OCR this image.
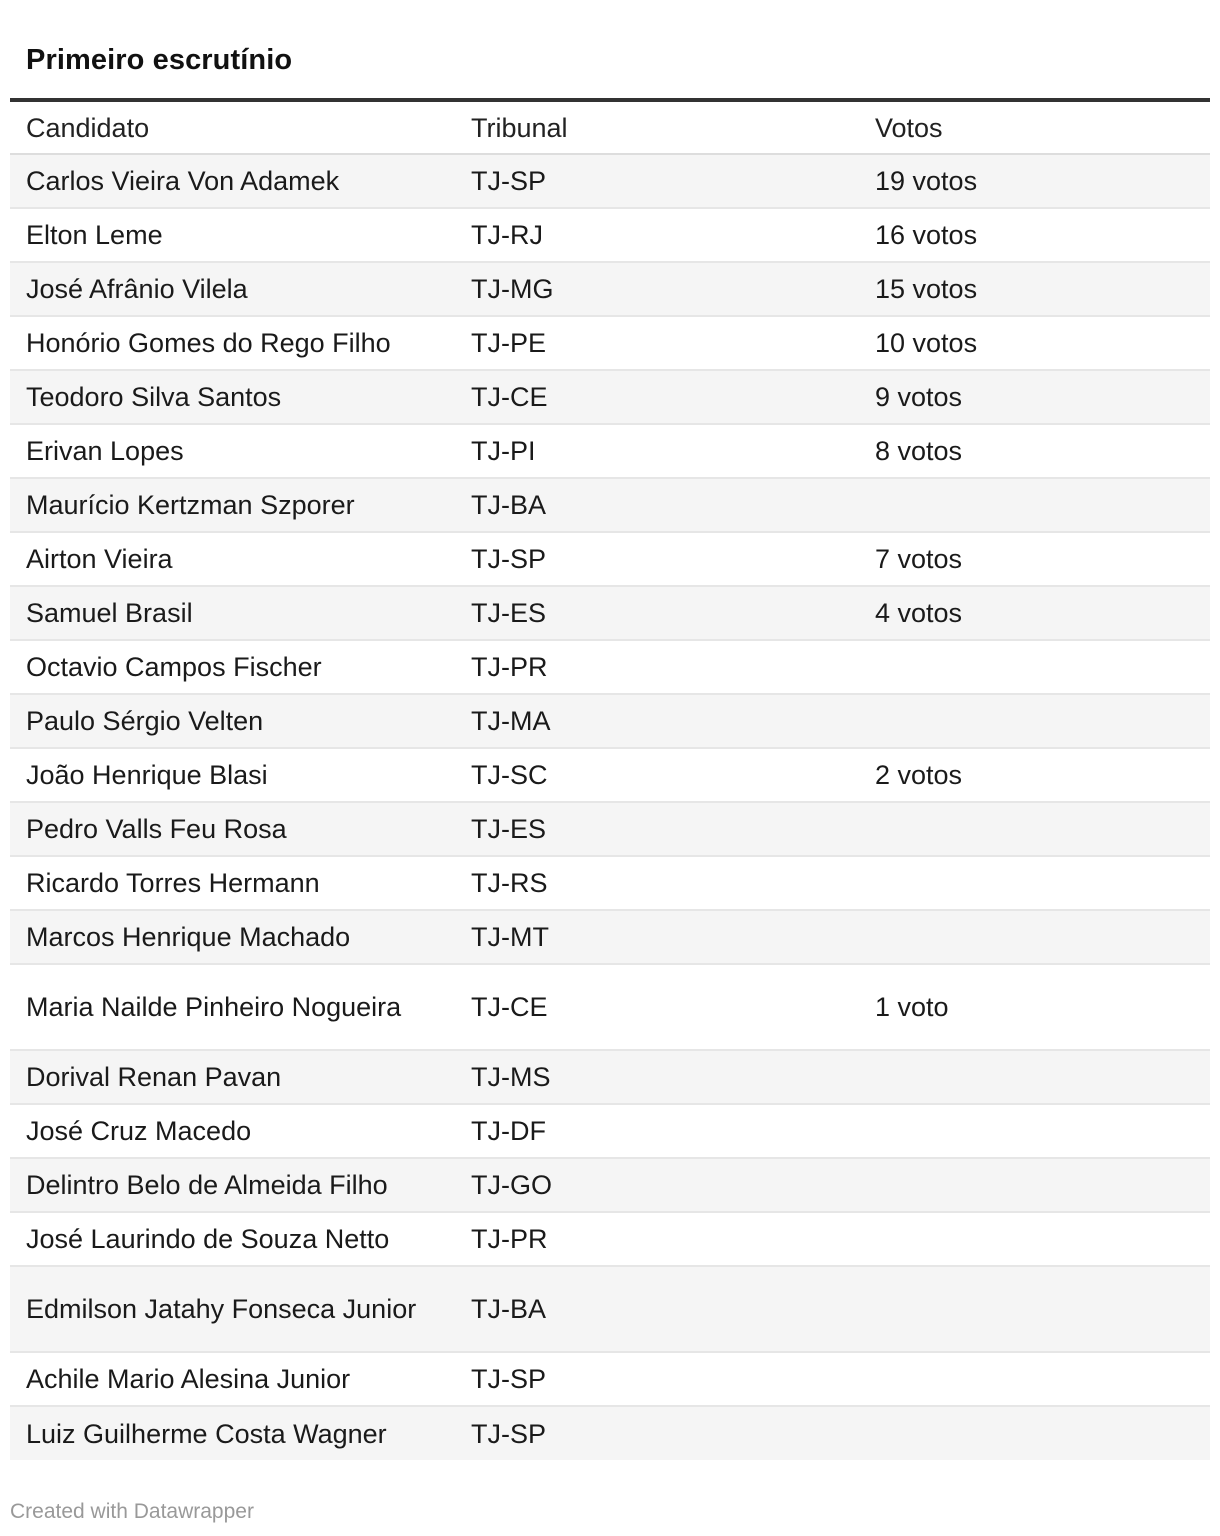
Primeiro escrutínio
Candidato	Tribunal	Votos
Carlos Vieira Von Adamek	TJ-SP	19 votos
Elton Leme	TJ-RJ	16 votos
José Afrânio Vilela	TJ-MG	15 votos
Honório Gomes do Rego Filho	TJ-PE	10 votos
Teodoro Silva Santos	TJ-CE	9 votos
Erivan Lopes	TJ-PI	8 votos
Maurício Kertzman Szporer	TJ-BA	
Airton Vieira	TJ-SP	7 votos
Samuel Brasil	TJ-ES	4 votos
Octavio Campos Fischer	TJ-PR	
Paulo Sérgio Velten	TJ-MA	
João Henrique Blasi	TJ-SC	2 votos
Pedro Valls Feu Rosa	TJ-ES	
Ricardo Torres Hermann	TJ-RS	
Marcos Henrique Machado	TJ-MT	
Maria Nailde Pinheiro Nogueira	TJ-CE	1 voto
Dorival Renan Pavan	TJ-MS	
José Cruz Macedo	TJ-DF	
Delintro Belo de Almeida Filho	TJ-GO	
José Laurindo de Souza Netto	TJ-PR	
Edmilson Jatahy Fonseca Junior	TJ-BA	
Achile Mario Alesina Junior	TJ-SP	
Luiz Guilherme Costa Wagner	TJ-SP	
Created with Datawrapper
